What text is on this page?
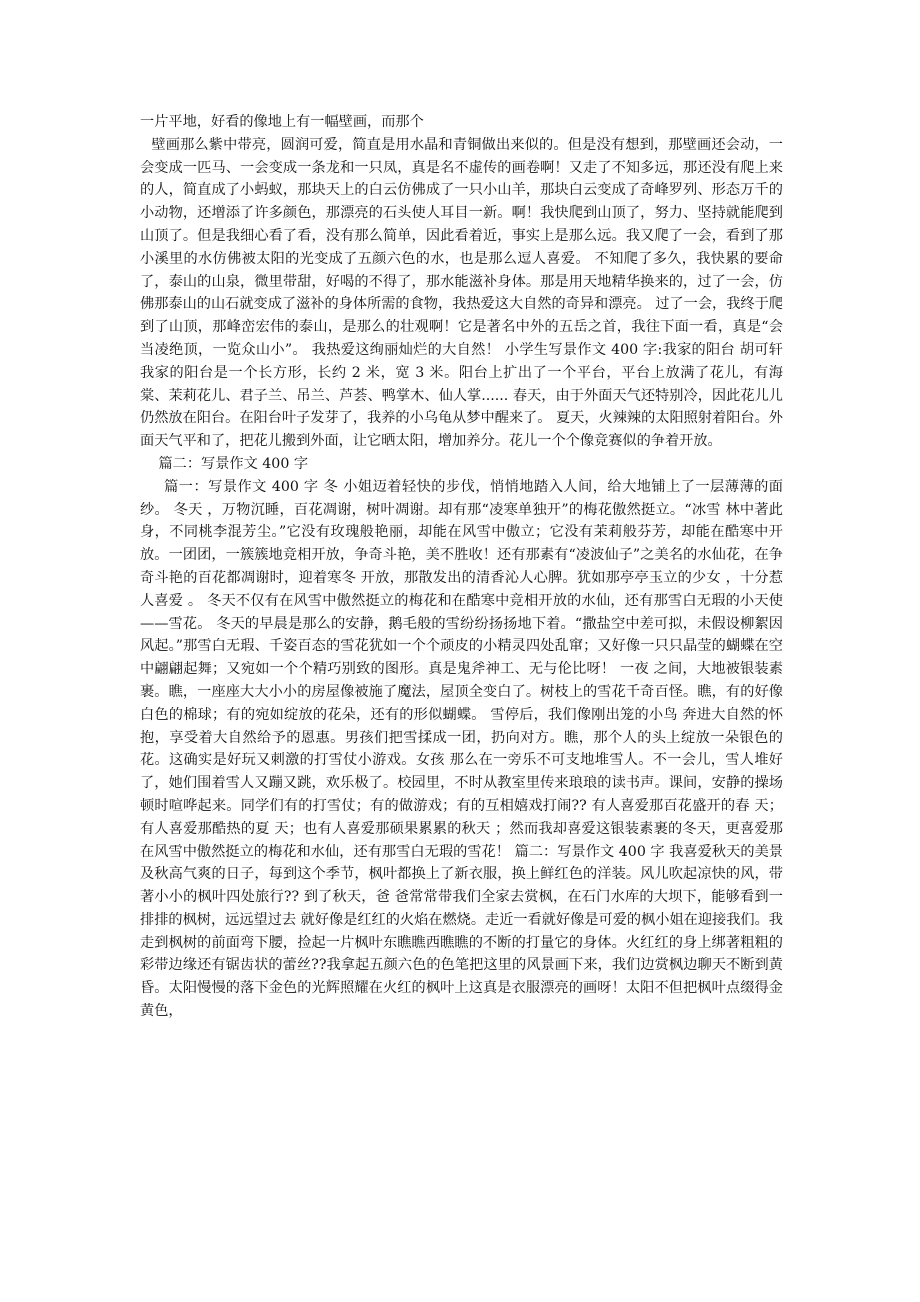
一片平地，好看的像地上有一幅壁画，而那个

壁画那么紫中带亮，圆润可爱，简直是用水晶和青铜做出来似的。但是没有想到，那壁画还会动，一会变成一匹马、一会变成一条龙和一只凤，真是名不虚传的画卷啊！又走了不知多远，那还没有爬上来的人，简直成了小蚂蚁，那块天上的白云仿佛成了一只小山羊，那块白云变成了奇峰罗列、形态万千的小动物，还增添了许多颜色，那漂亮的石头使人耳目一新。啊！我快爬到山顶了，努力、坚持就能爬到山顶了。但是我细心看了看，没有那么简单，因此看着近，事实上是那么远。我又爬了一会，看到了那小溪里的水仿佛被太阳的光变成了五颜六色的水，也是那么逗人喜爱。 不知爬了多久，我快累的要命了，泰山的山泉，微里带甜，好喝的不得了，那水能滋补身体。那是用天地精华换来的，过了一会，仿佛那泰山的山石就变成了滋补的身体所需的食物，我热爱这大自然的奇异和漂亮。 过了一会，我终于爬到了山顶，那峰峦宏伟的泰山，是那么的壮观啊！它是著名中外的五岳之首，我往下面一看，真是“会当凌绝顶，一览众山小”。 我热爱这绚丽灿烂的大自然！ 小学生写景作文 400 字:我家的阳台 胡可轩 我家的阳台是一个长方形，长约 2 米，宽 3 米。阳台上扩出了一个平台，平台上放满了花儿，有海棠、茉莉花儿、君子兰、吊兰、芦荟、鸭掌木、仙人掌...... 春天，由于外面天气还特别冷，因此花儿儿仍然放在阳台。在阳台叶子发芽了，我养的小乌龟从梦中醒来了。 夏天，火辣辣的太阳照射着阳台。外面天气平和了，把花儿搬到外面，让它晒太阳，增加养分。花儿一个个像竞赛似的争着开放。

篇二：写景作文 400 字

篇一：写景作文 400 字 冬 小姐迈着轻快的步伐，悄悄地踏入人间，给大地铺上了一层薄薄的面纱。 冬天 ，万物沉睡，百花凋谢，树叶凋谢。却有那“凌寒单独开”的梅花傲然挺立。“冰雪 林中著此身，不同桃李混芳尘。”它没有玫瑰般艳丽，却能在风雪中傲立；它没有茉莉般芬芳，却能在酷寒中开放。一团团，一簇簇地竞相开放，争奇斗艳，美不胜收！还有那素有“凌波仙子”之美名的水仙花，在争奇斗艳的百花都凋谢时，迎着寒冬 开放，那散发出的清香沁人心脾。犹如那亭亭玉立的少女 ，十分惹人喜爱 。 冬天不仅有在风雪中傲然挺立的梅花和在酷寒中竞相开放的水仙，还有那雪白无瑕的小天使 ——雪花。 冬天的早晨是那么的安静，鹅毛般的雪纷纷扬扬地下着。“撒盐空中差可拟，未假设柳絮因风起。”那雪白无瑕、千姿百态的雪花犹如一个个顽皮的小精灵四处乱窜；又好像一只只晶莹的蝴蝶在空中翩翩起舞；又宛如一个个精巧别致的图形。真是鬼斧神工、无与伦比呀！ 一夜 之间，大地被银装素裹。瞧，一座座大大小小的房屋像被施了魔法，屋顶全变白了。树枝上的雪花千奇百怪。瞧，有的好像白色的棉球；有的宛如绽放的花朵，还有的形似蝴蝶。 雪停后，我们像刚出笼的小鸟 奔进大自然的怀抱，享受着大自然给予的恩惠。男孩们把雪揉成一团，扔向对方。瞧，那个人的头上绽放一朵银色的花。这确实是好玩又刺激的打雪仗小游戏。女孩 那么在一旁乐不可支地堆雪人。不一会儿，雪人堆好了，她们围着雪人又蹦又跳，欢乐极了。校园里，不时从教室里传来琅琅的读书声。课间，安静的操场顿时喧哗起来。同学们有的打雪仗；有的做游戏；有的互相嬉戏打闹?? 有人喜爱那百花盛开的春 天；有人喜爱那酷热的夏 天；也有人喜爱那硕果累累的秋天 ；然而我却喜爱这银装素裹的冬天，更喜爱那在风雪中傲然挺立的梅花和水仙，还有那雪白无瑕的雪花！ 篇二：写景作文 400 字 我喜爱秋天的美景及秋高气爽的日子，每到这个季节，枫叶都换上了新衣服，换上鲜红色的洋装。风儿吹起凉快的风，带著小小的枫叶四处旅行?? 到了秋天，爸 爸常常带我们全家去赏枫，在石门水库的大坝下，能够看到一排排的枫树，远远望过去 就好像是红红的火焰在燃烧。走近一看就好像是可爱的枫小姐在迎接我们。我走到枫树的前面弯下腰，捡起一片枫叶东瞧瞧西瞧瞧的不断的打量它的身体。火红红的身上绑著粗粗的彩带边缘还有锯齿状的蕾丝??我拿起五颜六色的色笔把这里的风景画下来，我们边赏枫边聊天不断到黄昏。太阳慢慢的落下金色的光辉照耀在火红的枫叶上这真是衣服漂亮的画呀！太阳不但把枫叶点缀得金黄色，
